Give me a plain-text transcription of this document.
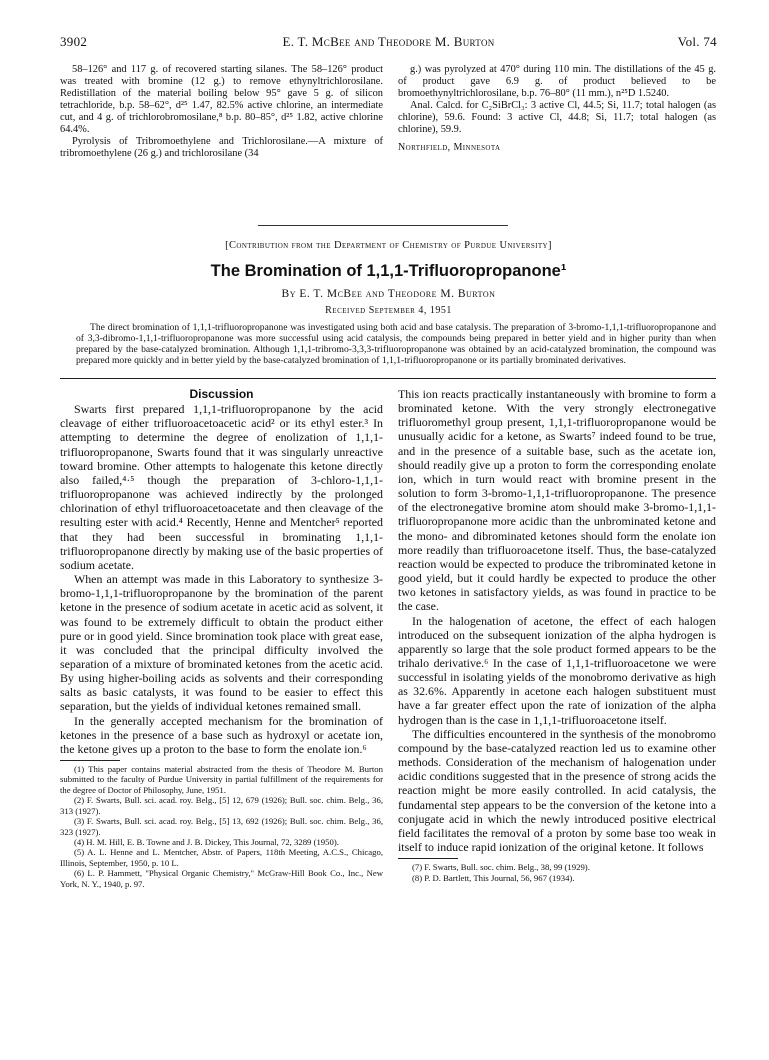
3902	E. T. McBee and Theodore M. Burton	Vol. 74

58–126° and 117 g. of recovered starting silanes. The 58–126° product was treated with bromine (12 g.) to remove ethynyltrichlorosilane. Redistillation of the material boiling below 95° gave 5 g. of silicon tetrachloride, b.p. 58–62°, d²⁵ 1.47, 82.5% active chlorine, an intermediate cut, and 4 g. of trichlorobromosilane,⁸ b.p. 80–85°, d²⁵ 1.82, active chlorine 64.4%.

Pyrolysis of Tribromoethylene and Trichlorosilane.—A mixture of tribromoethylene (26 g.) and trichlorosilane (34

g.) was pyrolyzed at 470° during 110 min. The distillations of the 45 g. of product gave 6.9 g. of product believed to be bromoethynyltrichlorosilane, b.p. 76–80° (11 mm.), n²⁵D 1.5240.

Anal. Calcd. for C₂SiBrCl₃: 3 active Cl, 44.5; Si, 11.7; total halogen (as chlorine), 59.6. Found: 3 active Cl, 44.8; Si, 11.7; total halogen (as chlorine), 59.9.

Northfield, Minnesota
[Contribution from the Department of Chemistry of Purdue University]
The Bromination of 1,1,1-Trifluoropropanone¹
By E. T. McBee and Theodore M. Burton
Received September 4, 1951

The direct bromination of 1,1,1-trifluoropropanone was investigated using both acid and base catalysis. The preparation of 3-bromo-1,1,1-trifluoropropanone and of 3,3-dibromo-1,1,1-trifluoropropanone was more successful using acid catalysis, the compounds being prepared in better yield and in higher purity than when prepared by the base-catalyzed bromination. Although 1,1,1-tribromo-3,3,3-trifluoropropanone was obtained by an acid-catalyzed bromination, the compound was prepared more quickly and in better yield by the base-catalyzed bromination of 1,1,1-trifluoropropanone or its partially brominated derivatives.

Discussion

Swarts first prepared 1,1,1-trifluoropropanone by the acid cleavage of either trifluoroacetoacetic acid² or its ethyl ester.³ In attempting to determine the degree of enolization of 1,1,1-trifluoropropanone, Swarts found that it was singularly unreactive toward bromine. Other attempts to halogenate this ketone directly also failed,⁴·⁵ though the preparation of 3-chloro-1,1,1-trifluoropropanone was achieved indirectly by the prolonged chlorination of ethyl trifluoroacetoacetate and then cleavage of the resulting ester with acid.⁴ Recently, Henne and Mentcher⁵ reported that they had been successful in brominating 1,1,1-trifluoropropanone directly by making use of the basic properties of sodium acetate.

When an attempt was made in this Laboratory to synthesize 3-bromo-1,1,1-trifluoropropanone by the bromination of the parent ketone in the presence of sodium acetate in acetic acid as solvent, it was found to be extremely difficult to obtain the product either pure or in good yield. Since bromination took place with great ease, it was concluded that the principal difficulty involved the separation of a mixture of brominated ketones from the acetic acid. By using higher-boiling acids as solvents and their corresponding salts as basic catalysts, it was found to be easier to effect this separation, but the yields of individual ketones remained small.

In the generally accepted mechanism for the bromination of ketones in the presence of a base such as hydroxyl or acetate ion, the ketone gives up a proton to the base to form the enolate ion.⁶

(1) This paper contains material abstracted from the thesis of Theodore M. Burton submitted to the faculty of Purdue University in partial fulfillment of the requirements for the degree of Doctor of Philosophy, June, 1951.

(2) F. Swarts, Bull. sci. acad. roy. Belg., [5] 12, 679 (1926); Bull. soc. chim. Belg., 36, 313 (1927).

(3) F. Swarts, Bull. sci. acad. roy. Belg., [5] 13, 692 (1926); Bull. soc. chim. Belg., 36, 323 (1927).

(4) H. M. Hill, E. B. Towne and J. B. Dickey, This Journal, 72, 3289 (1950).

(5) A. L. Henne and L. Mentcher, Abstr. of Papers, 118th Meeting, A.C.S., Chicago, Illinois, September, 1950, p. 10 L.

(6) L. P. Hammett, "Physical Organic Chemistry," McGraw-Hill Book Co., Inc., New York, N. Y., 1940, p. 97.

This ion reacts practically instantaneously with bromine to form a brominated ketone. With the very strongly electronegative trifluoromethyl group present, 1,1,1-trifluoropropanone would be unusually acidic for a ketone, as Swarts⁷ indeed found to be true, and in the presence of a suitable base, such as the acetate ion, should readily give up a proton to form the corresponding enolate ion, which in turn would react with bromine present in the solution to form 3-bromo-1,1,1-trifluoropropanone. The presence of the electronegative bromine atom should make 3-bromo-1,1,1-trifluoropropanone more acidic than the unbrominated ketone and the mono- and dibrominated ketones should form the enolate ion more readily than trifluoroacetone itself. Thus, the base-catalyzed reaction would be expected to produce the tribrominated ketone in good yield, but it could hardly be expected to produce the other two ketones in satisfactory yields, as was found in practice to be the case.

In the halogenation of acetone, the effect of each halogen introduced on the subsequent ionization of the alpha hydrogen is apparently so large that the sole product formed appears to be the trihalo derivative.⁶ In the case of 1,1,1-trifluoroacetone we were successful in isolating yields of the monobromo derivative as high as 32.6%. Apparently in acetone each halogen substituent must have a far greater effect upon the rate of ionization of the alpha hydrogen than is the case in 1,1,1-trifluoroacetone itself.

The difficulties encountered in the synthesis of the monobromo compound by the base-catalyzed reaction led us to examine other methods. Consideration of the mechanism of halogenation under acidic conditions suggested that in the presence of strong acids the reaction might be more easily controlled. In acid catalysis, the fundamental step appears to be the conversion of the ketone into a conjugate acid in which the newly introduced positive electrical field facilitates the removal of a proton by some base too weak in itself to induce rapid ionization of the original ketone. It follows

(7) F. Swarts, Bull. soc. chim. Belg., 38, 99 (1929).

(8) P. D. Bartlett, This Journal, 56, 967 (1934).
